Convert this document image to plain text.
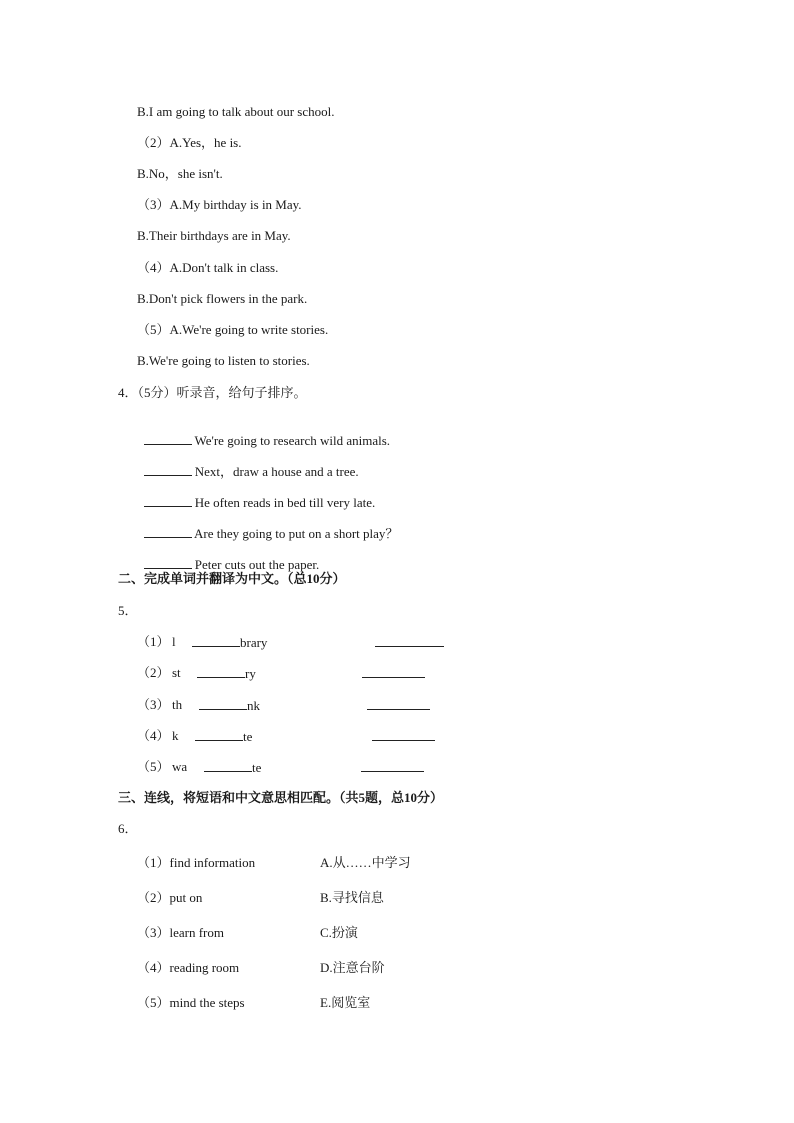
B.I am going to talk about our school.
（2）A.Yes，he is.
B.No，she isn't.
（3）A.My birthday is in May.
B.Their birthdays are in May.
（4）A.Don't talk in class.
B.Don't pick flowers in the park.
（5）A.We're going to write stories.
B.We're going to listen to stories.
4．（5分）听录音，给句子排序。

We're going to research wild animals.

Next，draw a house and a tree.

He often reads in bed till very late.

Are they going to put on a short play？

Peter cuts out the paper.

二、完成单词并翻译为中文。（总10分）
5．
（1） l	brary
（2） st	ry
（3） th	nk
（4） k	te
（5） wa	te
三、连线，将短语和中文意思相匹配。（共5题，总10分）
6．
（1）find information	A.从……中学习
（2）put on	B.寻找信息
（3）learn from	C.扮演
（4）reading room	D.注意台阶
（5）mind the steps	E.阅览室
